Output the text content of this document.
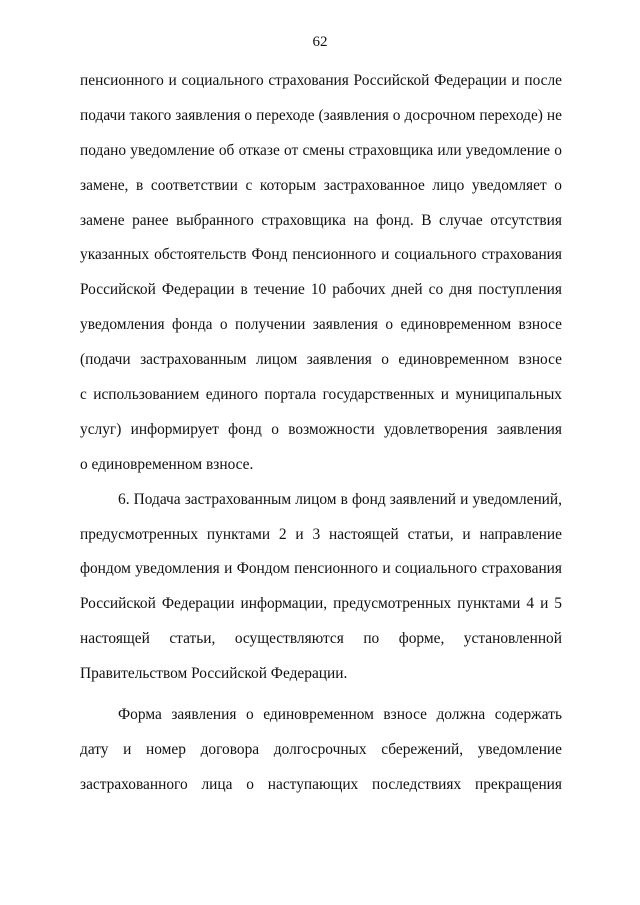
62
пенсионного и социального страхования Российской Федерации и после
подачи такого заявления о переходе (заявления о досрочном переходе) не
подано уведомление об отказе от смены страховщика или уведомление о
замене, в соответствии с которым застрахованное лицо уведомляет о
замене ранее выбранного страховщика на фонд. В случае отсутствия
указанных обстоятельств Фонд пенсионного и социального страхования
Российской Федерации в течение 10 рабочих дней со дня поступления
уведомления фонда о получении заявления о единовременном взносе
(подачи застрахованным лицом заявления о единовременном взносе
с использованием единого портала государственных и муниципальных
услуг) информирует фонд о возможности удовлетворения заявления
о единовременном взносе.
6. Подача застрахованным лицом в фонд заявлений и уведомлений,
предусмотренных пунктами 2 и 3 настоящей статьи, и направление
фондом уведомления и Фондом пенсионного и социального страхования
Российской Федерации информации, предусмотренных пунктами 4 и 5
настоящей статьи, осуществляются по форме, установленной
Правительством Российской Федерации.
Форма заявления о единовременном взносе должна содержать
дату и номер договора долгосрочных сбережений, уведомление
застрахованного лица о наступающих последствиях прекращения
